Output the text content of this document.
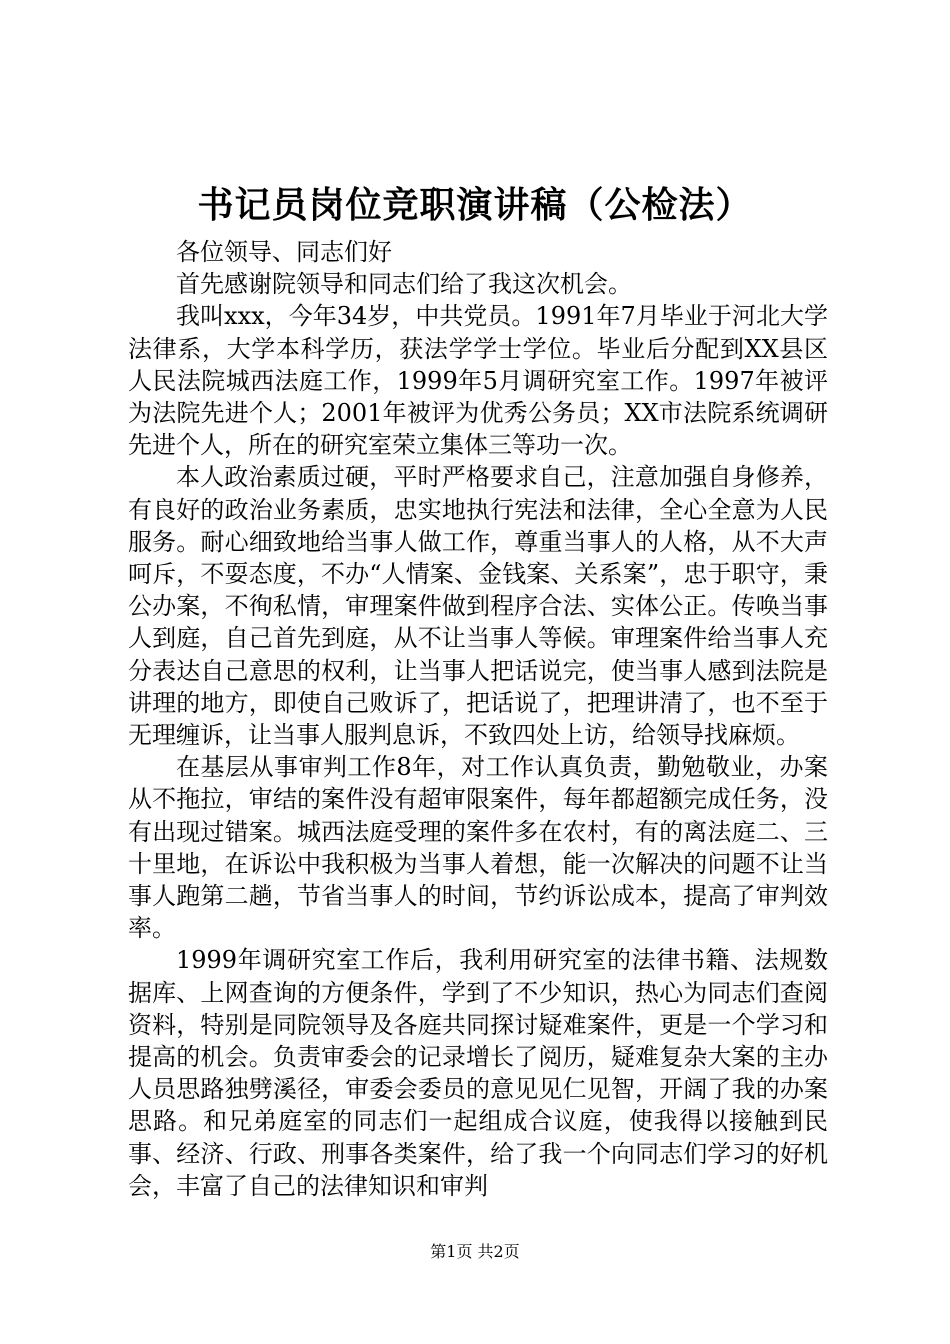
书记员岗位竞职演讲稿（公检法）

各位领导、同志们好

首先感谢院领导和同志们给了我这次机会。

我叫xxx，今年34岁，中共党员。1991年7月毕业于河北大学法律系，大学本科学历，获法学学士学位。毕业后分配到XX县区人民法院城西法庭工作，1999年5月调研究室工作。1997年被评为法院先进个人；2001年被评为优秀公务员；XX市法院系统调研先进个人，所在的研究室荣立集体三等功一次。

本人政治素质过硬，平时严格要求自己，注意加强自身修养，有良好的政治业务素质，忠实地执行宪法和法律，全心全意为人民服务。耐心细致地给当事人做工作，尊重当事人的人格，从不大声呵斥，不耍态度，不办“人情案、金钱案、关系案”，忠于职守，秉公办案，不徇私情，审理案件做到程序合法、实体公正。传唤当事人到庭，自己首先到庭，从不让当事人等候。审理案件给当事人充分表达自己意思的权利，让当事人把话说完，使当事人感到法院是讲理的地方，即使自己败诉了，把话说了，把理讲清了，也不至于无理缠诉，让当事人服判息诉，不致四处上访，给领导找麻烦。

在基层从事审判工作8年，对工作认真负责，勤勉敬业，办案从不拖拉，审结的案件没有超审限案件，每年都超额完成任务，没有出现过错案。城西法庭受理的案件多在农村，有的离法庭二、三十里地，在诉讼中我积极为当事人着想，能一次解决的问题不让当事人跑第二趟，节省当事人的时间，节约诉讼成本，提高了审判效率。

1999年调研究室工作后，我利用研究室的法律书籍、法规数据库、上网查询的方便条件，学到了不少知识，热心为同志们查阅资料，特别是同院领导及各庭共同探讨疑难案件，更是一个学习和提高的机会。负责审委会的记录增长了阅历，疑难复杂大案的主办人员思路独劈溪径，审委会委员的意见见仁见智，开阔了我的办案思路。和兄弟庭室的同志们一起组成合议庭，使我得以接触到民事、经济、行政、刑事各类案件，给了我一个向同志们学习的好机会，丰富了自己的法律知识和审判

第1页 共2页
